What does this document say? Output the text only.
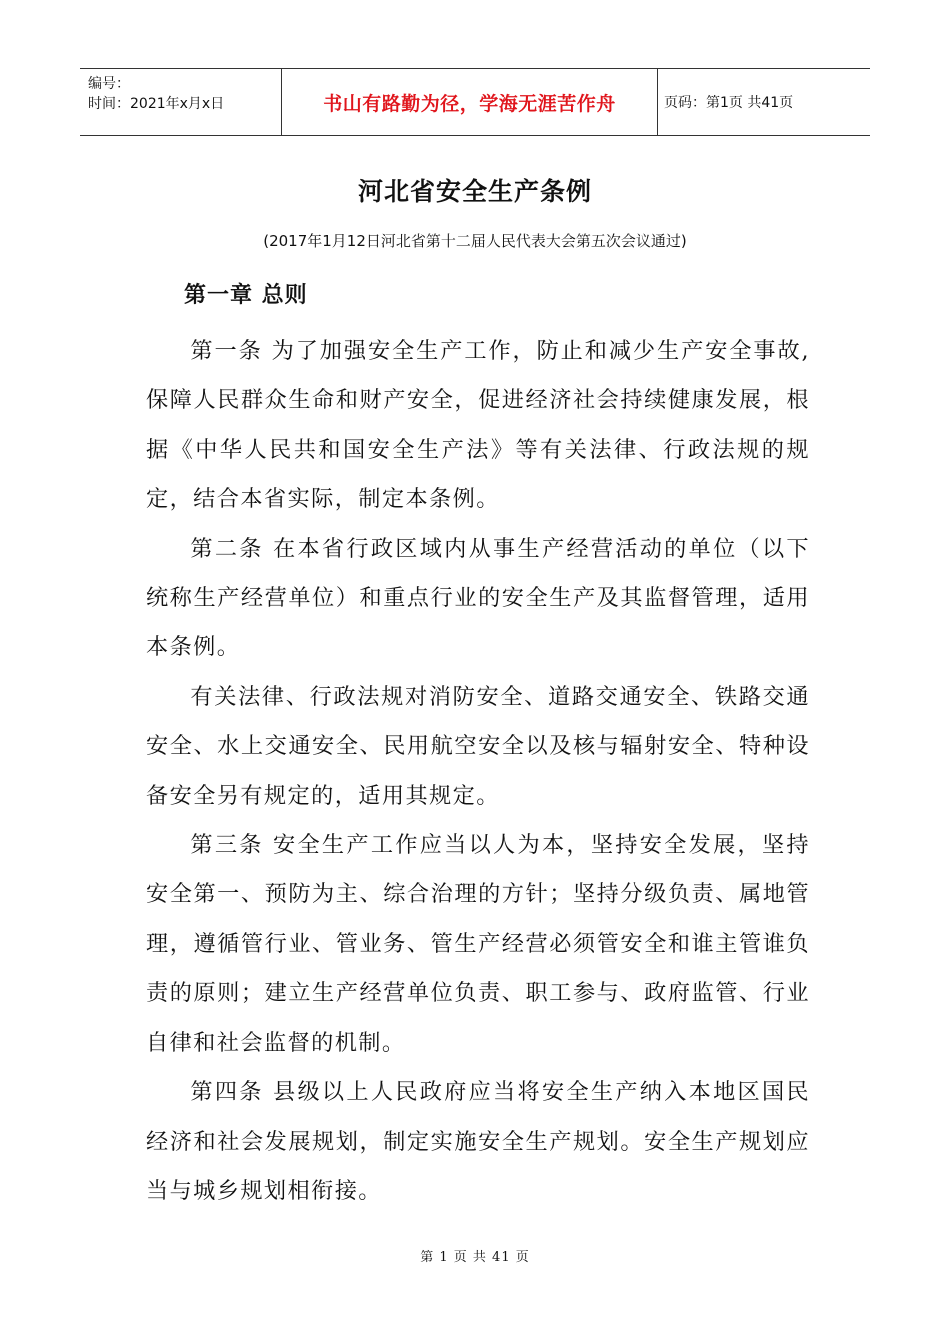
编号：
时间：2021年x月x日	书山有路勤为径，学海无涯苦作舟	页码：第1页 共41页
河北省安全生产条例
(2017年1月12日河北省第十二届人民代表大会第五次会议通过)
第一章 总则

第一条 为了加强安全生产工作，防止和减少生产安全事故,保障人民群众生命和财产安全，促进经济社会持续健康发展，根据《中华人民共和国安全生产法》等有关法律、行政法规的规定，结合本省实际，制定本条例。

第二条 在本省行政区域内从事生产经营活动的单位（以下统称生产经营单位）和重点行业的安全生产及其监督管理，适用本条例。

有关法律、行政法规对消防安全、道路交通安全、铁路交通安全、水上交通安全、民用航空安全以及核与辐射安全、特种设备安全另有规定的，适用其规定。

第三条 安全生产工作应当以人为本，坚持安全发展，坚持安全第一、预防为主、综合治理的方针；坚持分级负责、属地管理，遵循管行业、管业务、管生产经营必须管安全和谁主管谁负责的原则；建立生产经营单位负责、职工参与、政府监管、行业自律和社会监督的机制。

第四条 县级以上人民政府应当将安全生产纳入本地区国民经济和社会发展规划，制定实施安全生产规划。安全生产规划应当与城乡规划相衔接。

第 1 页 共 41 页
